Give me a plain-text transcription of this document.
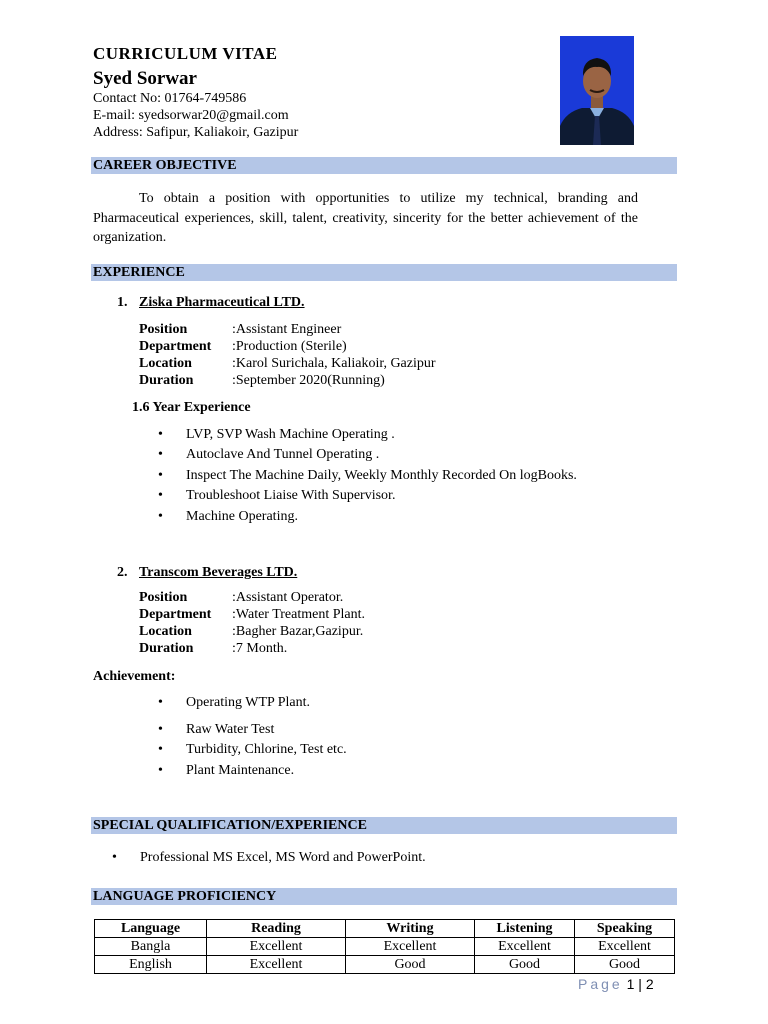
CURRICULUM VITAE
Syed Sorwar
Contact No: 01764-749586
E-mail: syedsorwar20@gmail.com
Address: Safipur, Kaliakoir, Gazipur
CAREER OBJECTIVE
To obtain a position with opportunities to utilize my technical, branding and Pharmaceutical experiences, skill, talent, creativity, sincerity for the better achievement of the organization.
EXPERIENCE
1. Ziska Pharmaceutical LTD.
Position	:Assistant Engineer
Department :Production (Sterile)
Location	:Karol Surichala, Kaliakoir, Gazipur
Duration	:September 2020(Running)
1.6 Year Experience
LVP, SVP Wash Machine Operating .
Autoclave And Tunnel Operating .
Inspect The Machine Daily, Weekly Monthly Recorded On logBooks.
Troubleshoot Liaise With Supervisor.
Machine Operating.
2. Transcom Beverages LTD.
Position	:Assistant Operator.
Department :Water Treatment Plant.
Location	:Bagher Bazar,Gazipur.
Duration	:7 Month.
Achievement:
Operating WTP Plant.
Raw Water Test
Turbidity, Chlorine, Test etc.
Plant Maintenance.
SPECIAL QUALIFICATION/EXPERIENCE
Professional MS Excel, MS Word and PowerPoint.
LANGUAGE PROFICIENCY
Language	Reading	Writing	Listening	Speaking
Bangla	Excellent	Excellent	Excellent	Excellent
English	Excellent	Good	Good	Good
Page 1 | 2
